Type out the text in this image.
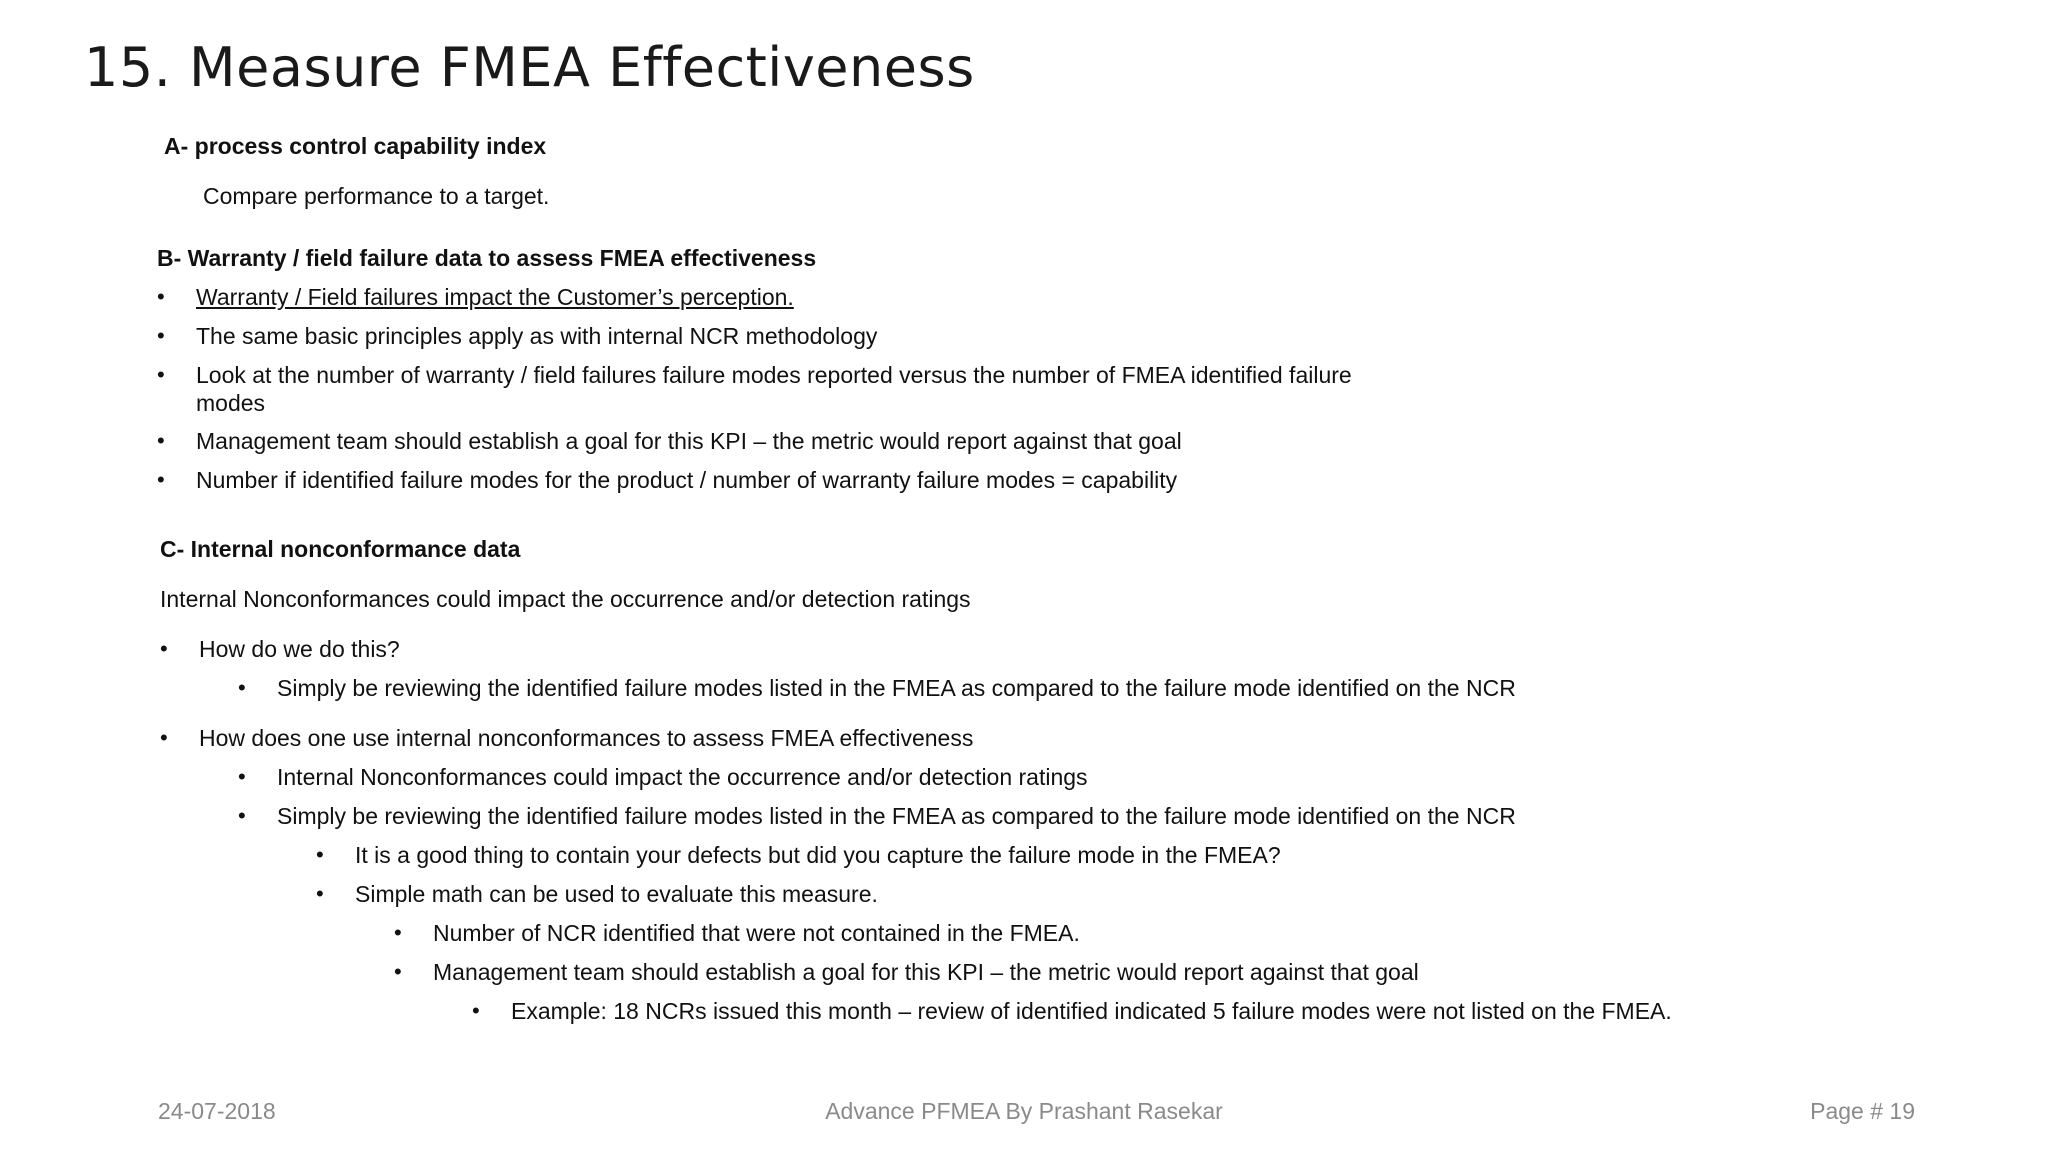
15. Measure FMEA Effectiveness
A- process control capability index
Compare performance to a target.
B- Warranty / field failure data to assess FMEA effectiveness
• Warranty / Field failures impact the Customer’s perception.
• The same basic principles apply as with internal NCR methodology
• Look at the number of warranty / field failures failure modes reported versus the number of FMEA identified failure
modes
• Management team should establish a goal for this KPI – the metric would report against that goal
• Number if identified failure modes for the product / number of warranty failure modes = capability
C- Internal nonconformance data
Internal Nonconformances could impact the occurrence and/or detection ratings
• How do we do this?
• Simply be reviewing the identified failure modes listed in the FMEA as compared to the failure mode identified on the NCR
• How does one use internal nonconformances to assess FMEA effectiveness
• Internal Nonconformances could impact the occurrence and/or detection ratings
• Simply be reviewing the identified failure modes listed in the FMEA as compared to the failure mode identified on the NCR
• It is a good thing to contain your defects but did you capture the failure mode in the FMEA?
• Simple math can be used to evaluate this measure.
• Number of NCR identified that were not contained in the FMEA.
• Management team should establish a goal for this KPI – the metric would report against that goal
• Example: 18 NCRs issued this month – review of identified indicated 5 failure modes were not listed on the FMEA.
24-07-2018	Advance PFMEA By Prashant Rasekar	Page # 19
